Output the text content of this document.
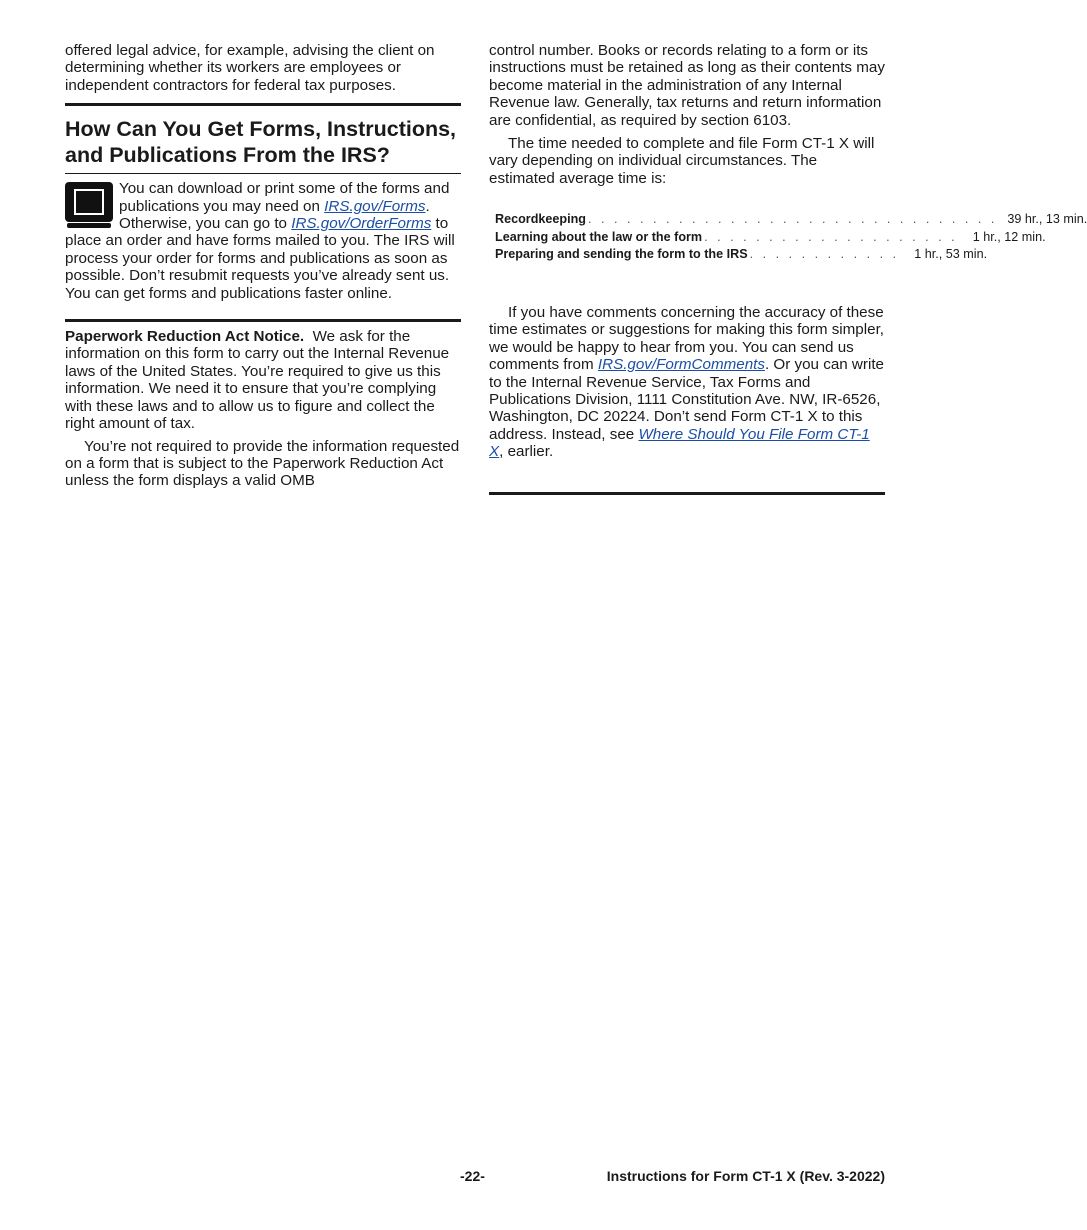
offered legal advice, for example, advising the client on determining whether its workers are employees or independent contractors for federal tax purposes.

How Can You Get Forms, Instructions, and Publications From the IRS?
You can download or print some of the forms and publications you may need on IRS.gov/Forms. Otherwise, you can go to IRS.gov/OrderForms to place an order and have forms mailed to you. The IRS will process your order for forms and publications as soon as possible. Don’t resubmit requests you’ve already sent us. You can get forms and publications faster online.

Paperwork Reduction Act Notice. We ask for the information on this form to carry out the Internal Revenue laws of the United States. You’re required to give us this information. We need it to ensure that you’re complying with these laws and to allow us to figure and collect the right amount of tax.

You’re not required to provide the information requested on a form that is subject to the Paperwork Reduction Act unless the form displays a valid OMB

control number. Books or records relating to a form or its instructions must be retained as long as their contents may become material in the administration of any Internal Revenue law. Generally, tax returns and return information are confidential, as required by section 6103.

The time needed to complete and file Form CT-1 X will vary depending on individual circumstances. The estimated average time is:

Recordkeeping . . . . . . . . . . . . . . . . . . . . . . . . . . . . . . . . 39 hr., 13 min.
Learning about the law or the form . . . . . . . . . . . . . . . . . . . .	1 hr., 12 min.
Preparing and sending the form to the IRS . . . . . . . . . . . .	1 hr., 53 min.

If you have comments concerning the accuracy of these time estimates or suggestions for making this form simpler, we would be happy to hear from you. You can send us comments from IRS.gov/FormComments. Or you can write to the Internal Revenue Service, Tax Forms and Publications Division, 1111 Constitution Ave. NW, IR-6526, Washington, DC 20224. Don’t send Form CT-1 X to this address. Instead, see Where Should You File Form CT-1 X, earlier.

-22-	Instructions for Form CT-1 X (Rev. 3-2022)
